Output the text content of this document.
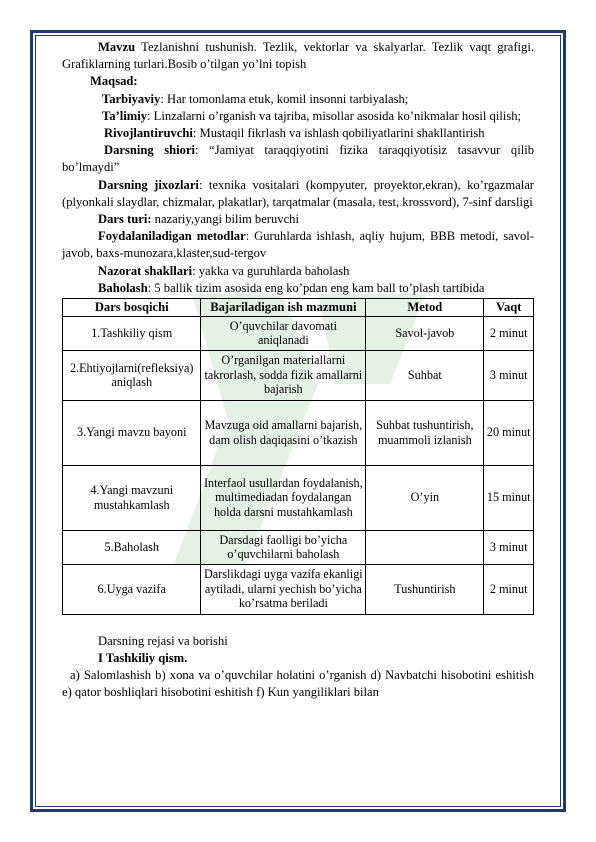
Mavzu Tezlanishni tushunish. Tezlik, vektorlar va skalyarlar. Tezlik vaqt grafigi. Grafiklarning turlari.Bosib o’tilgan yo’lni topish

Maqsad:

Tarbiyaviy: Har tomonlama etuk, komil insonni tarbiyalash;

Ta’limiy: Linzalarni o’rganish va tajriba, misollar asosida ko’nikmalar hosil qilish;

Rivojlantiruvchi: Mustaqil fikrlash va ishlash qobiliyatlarini shakllantirish

Darsning shiori: “Jamiyat taraqqiyotini fizika taraqqiyotisiz tasavvur qilib bo’lmaydi”

Darsning jixozlari: texnika vositalari (kompyuter, proyektor,ekran), ko’rgazmalar (plyonkali slaydlar, chizmalar, plakatlar), tarqatmalar (masala, test, krossvord), 7-sinf darsligi

Dars turi: nazariy,yangi bilim beruvchi

Foydalaniladigan metodlar: Guruhlarda ishlash, aqliy hujum, BBB metodi, savol-javob, baxs-munozara,klaster,sud-tergov

Nazorat shakllari: yakka va guruhlarda baholash

Baholash: 5 ballik tizim asosida eng ko’pdan eng kam ball to’plash tartibida

Dars bosqichi	Bajariladigan ish mazmuni	Metod	Vaqt
1.Tashkiliy qism	O’quvchilar davomati aniqlanadi	Savol-javob	2 minut
2.Ehtiyojlarni(refleksiya) aniqlash	O’rganilgan materiallarni takrorlash, sodda fizik amallarni bajarish	Suhbat	3 minut
3.Yangi mavzu bayoni	Mavzuga oid amallarni bajarish, dam olish daqiqasini o’tkazish	Suhbat tushuntirish, muammoli izlanish	20 minut
4.Yangi mavzuni mustahkamlash	Interfaol usullardan foydalanish, multimediadan foydalangan holda darsni mustahkamlash	O’yin	15 minut
5.Baholash	Darsdagi faolligi bo’yicha o’quvchilarni baholash		3 minut
6.Uyga vazifa	Darslikdagi uyga vazifa ekanligi aytiladi, ularni yechish bo’yicha ko’rsatma beriladi	Tushuntirish	2 minut

Darsning rejasi va borishi

I Tashkiliy qism.

a) Salomlashish b) xona va o’quvchilar holatini o’rganish d) Navbatchi hisobotini eshitish e) qator boshliqlari hisobotini eshitish f) Kun yangiliklari bilan
